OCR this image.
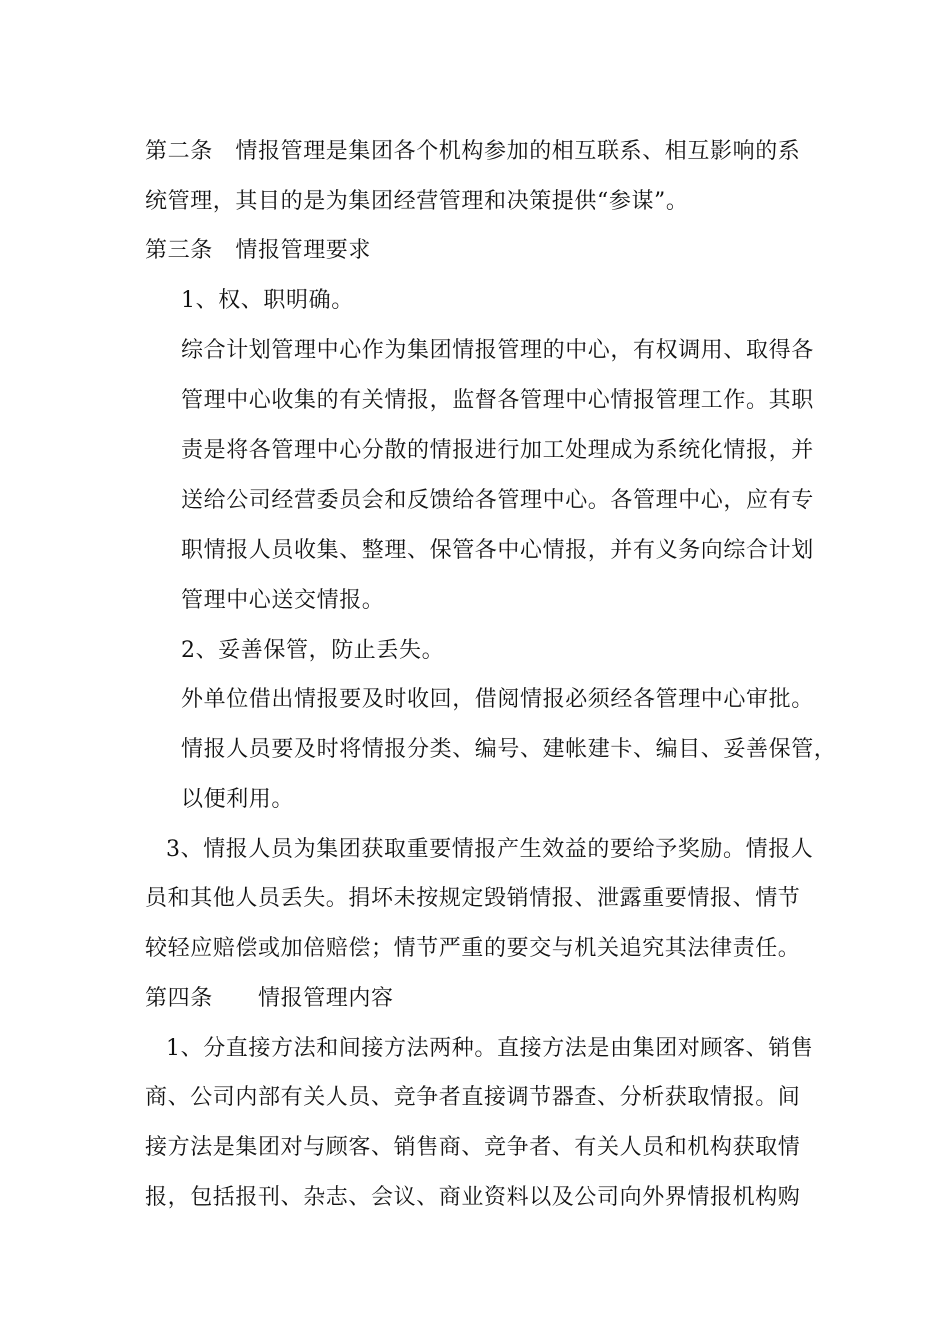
第二条　情报管理是集团各个机构参加的相互联系、相互影响的系
统管理，其目的是为集团经营管理和决策提供“参谋”。
第三条　情报管理要求
1、权、职明确。
综合计划管理中心作为集团情报管理的中心，有权调用、取得各
管理中心收集的有关情报，监督各管理中心情报管理工作。其职
责是将各管理中心分散的情报进行加工处理成为系统化情报，并
送给公司经营委员会和反馈给各管理中心。各管理中心，应有专
职情报人员收集、整理、保管各中心情报，并有义务向综合计划
管理中心送交情报。
2、妥善保管，防止丢失。
外单位借出情报要及时收回，借阅情报必须经各管理中心审批。
情报人员要及时将情报分类、编号、建帐建卡、编目、妥善保管，
以便利用。
3、情报人员为集团获取重要情报产生效益的要给予奖励。情报人
员和其他人员丢失。捐坏未按规定毁销情报、泄露重要情报、情节
较轻应赔偿或加倍赔偿；情节严重的要交与机关追究其法律责任。
第四条　　情报管理内容
1、分直接方法和间接方法两种。直接方法是由集团对顾客、销售
商、公司内部有关人员、竞争者直接调节器查、分析获取情报。间
接方法是集团对与顾客、销售商、竞争者、有关人员和机构获取情
报，包括报刊、杂志、会议、商业资料以及公司向外界情报机构购
